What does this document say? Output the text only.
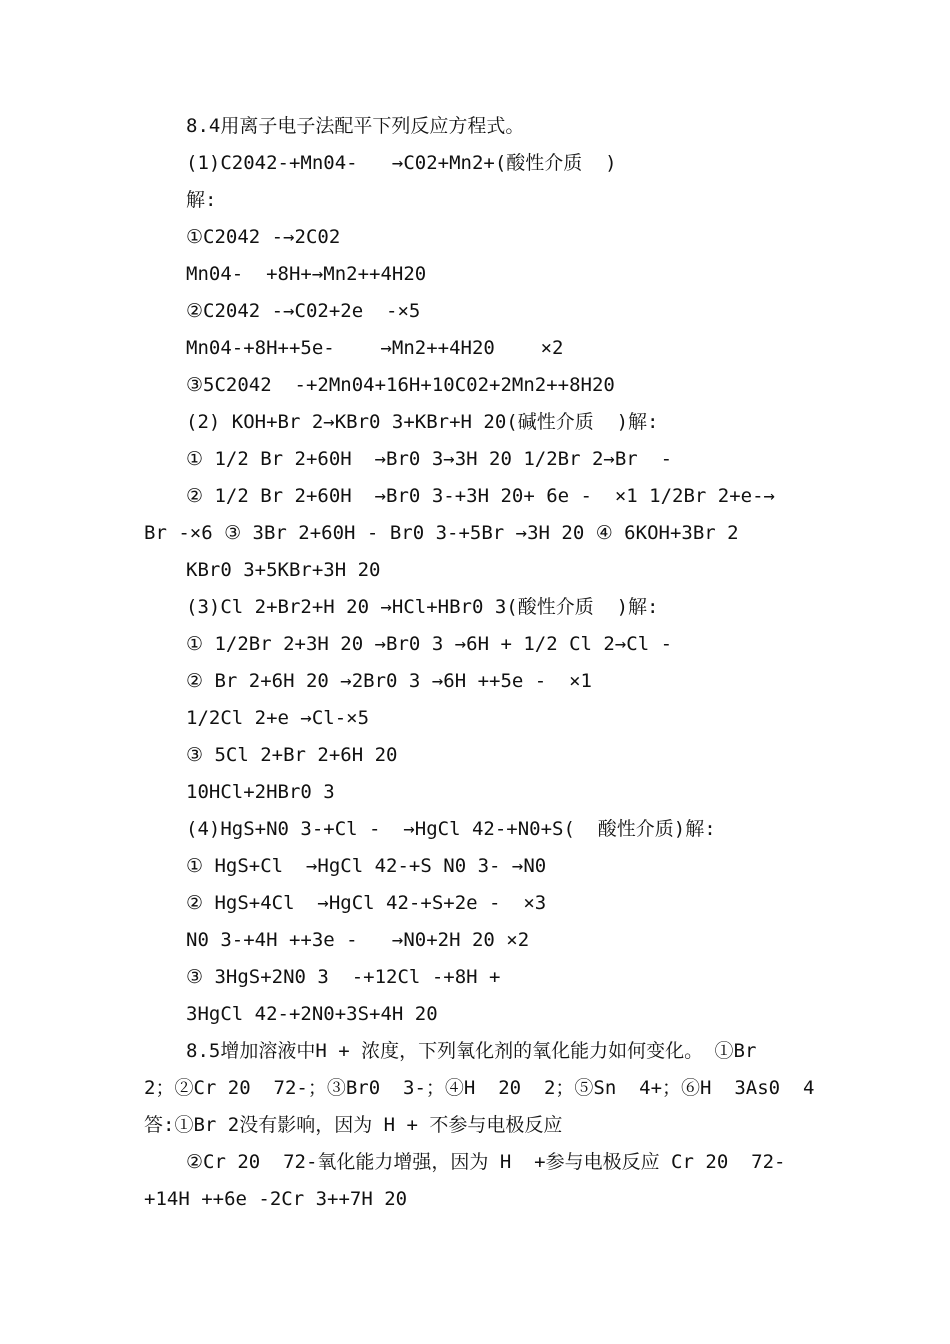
8.4用离子电子法配平下列反应方程式。
(1)C2042-+Mn04-   →C02+Mn2+(酸性介质  )
解:
①C2042 -→2C02
Mn04-  +8H+→Mn2++4H20
②C2042 -→C02+2e  -×5
Mn04-+8H++5e-    →Mn2++4H20    ×2
③5C2042  -+2Mn04+16H+10C02+2Mn2++8H20
(2) KOH+Br 2→KBr0 3+KBr+H 20(碱性介质  )解:
① 1/2 Br 2+60H  →Br0 3→3H 20 1/2Br 2→Br  -
② 1/2 Br 2+60H  →Br0 3-+3H 20+ 6e -  ×1 1/2Br 2+e-→
Br -×6 ③ 3Br 2+60H - Br0 3-+5Br →3H 20 ④ 6KOH+3Br 2
KBr0 3+5KBr+3H 20
(3)Cl 2+Br2+H 20 →HCl+HBr0 3(酸性介质  )解:
① 1/2Br 2+3H 20 →Br0 3 →6H + 1/2 Cl 2→Cl -
② Br 2+6H 20 →2Br0 3 →6H ++5e -  ×1
1/2Cl 2+e →Cl-×5
③ 5Cl 2+Br 2+6H 20
10HCl+2HBr0 3
(4)HgS+N0 3-+Cl -  →HgCl 42-+N0+S(  酸性介质)解:
① HgS+Cl  →HgCl 42-+S N0 3- →N0
② HgS+4Cl  →HgCl 42-+S+2e -  ×3
N0 3-+4H ++3e -   →N0+2H 20 ×2
③ 3HgS+2N0 3  -+12Cl -+8H +
3HgCl 42-+2N0+3S+4H 20
8.5增加溶液中H + 浓度，下列氧化剂的氧化能力如何变化。 ①Br
2；②Cr 20  72-；③Br0  3-；④H  20  2；⑤Sn  4+；⑥H  3As0  4
答:①Br 2没有影响，因为 H + 不参与电极反应
②Cr 20  72-氧化能力增强，因为 H  +参与电极反应 Cr 20  72-
+14H ++6e -2Cr 3++7H 20
